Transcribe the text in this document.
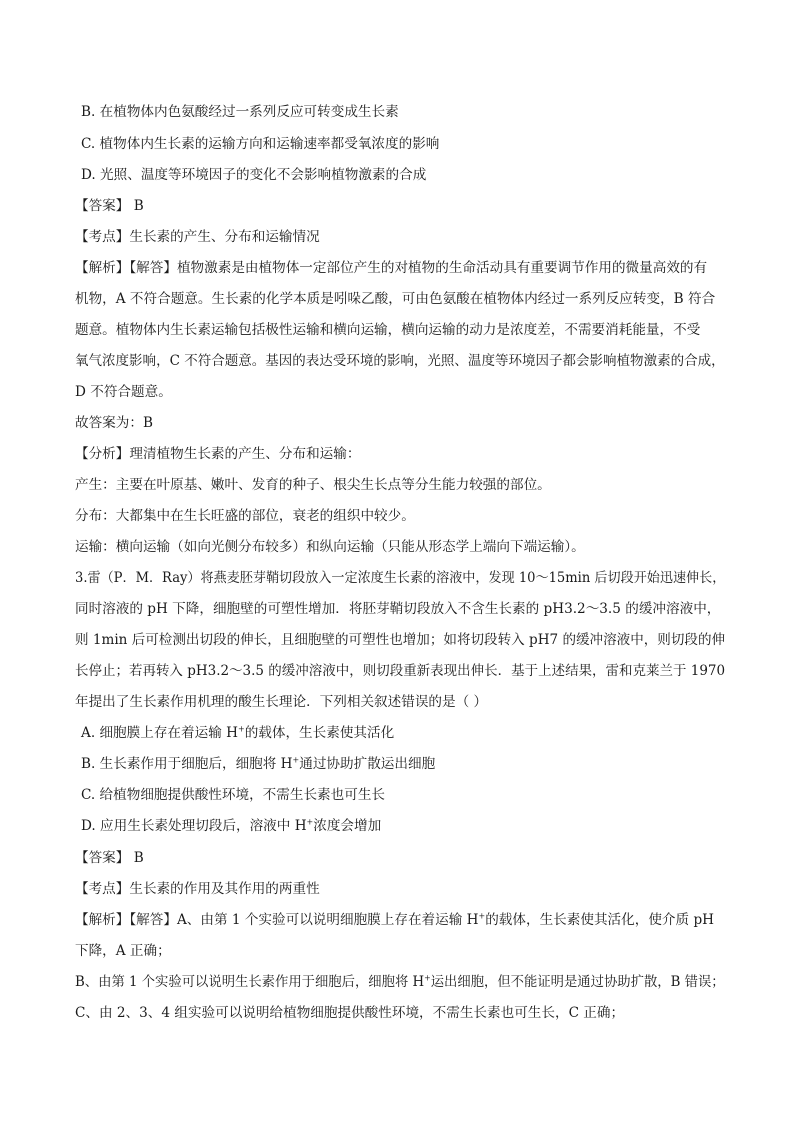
B. 在植物体内色氨酸经过一系列反应可转变成生长素
C. 植物体内生长素的运输方向和运输速率都受氧浓度的影响
D. 光照、温度等环境因子的变化不会影响植物激素的合成
【答案】 B
【考点】生长素的产生、分布和运输情况
【解析】【解答】植物激素是由植物体一定部位产生的对植物的生命活动具有重要调节作用的微量高效的有
机物，A 不符合题意。生长素的化学本质是吲哚乙酸，可由色氨酸在植物体内经过一系列反应转变，B 符合
题意。植物体内生长素运输包括极性运输和横向运输，横向运输的动力是浓度差，不需要消耗能量，不受
氧气浓度影响，C 不符合题意。基因的表达受环境的影响，光照、温度等环境因子都会影响植物激素的合成，
D 不符合题意。
故答案为：B
【分析】理清植物生长素的产生、分布和运输：
产生：主要在叶原基、嫩叶、发育的种子、根尖生长点等分生能力较强的部位。
分布：大都集中在生长旺盛的部位，衰老的组织中较少。
运输：横向运输（如向光侧分布较多）和纵向运输（只能从形态学上端向下端运输）。
3.雷（P．M．Ray）将燕麦胚芽鞘切段放入一定浓度生长素的溶液中，发现 10～15min 后切段开始迅速伸长，
同时溶液的 pH 下降，细胞壁的可塑性增加．将胚芽鞘切段放入不含生长素的 pH3.2～3.5 的缓冲溶液中，
则 1min 后可检测出切段的伸长，且细胞壁的可塑性也增加；如将切段转入 pH7 的缓冲溶液中，则切段的伸
长停止；若再转入 pH3.2～3.5 的缓冲溶液中，则切段重新表现出伸长．基于上述结果，雷和克莱兰于 1970
年提出了生长素作用机理的酸生长理论．下列相关叙述错误的是（ ）
A. 细胞膜上存在着运输 H+的载体，生长素使其活化
B. 生长素作用于细胞后，细胞将 H+通过协助扩散运出细胞
C. 给植物细胞提供酸性环境，不需生长素也可生长
D. 应用生长素处理切段后，溶液中 H+浓度会增加
【答案】 B
【考点】生长素的作用及其作用的两重性
【解析】【解答】A、由第 1 个实验可以说明细胞膜上存在着运输 H+的载体，生长素使其活化，使介质 pH
下降，A 正确；
B、由第 1 个实验可以说明生长素作用于细胞后，细胞将 H+运出细胞，但不能证明是通过协助扩散，B 错误；
C、由 2、3、4 组实验可以说明给植物细胞提供酸性环境，不需生长素也可生长，C 正确；
